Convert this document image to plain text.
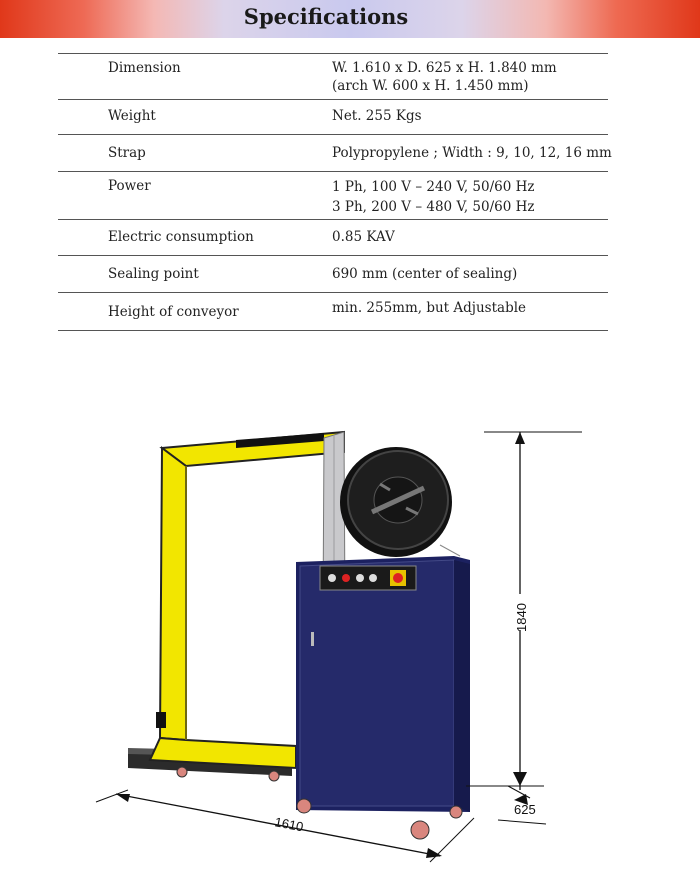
Specifications
Dimension	W. 1.610 x D. 625 x H. 1.840 mm
(arch W. 600 x H. 1.450 mm)
Weight	Net. 255 Kgs
Strap	Polypropylene ; Width : 9, 10, 12, 16 mm
Power	1 Ph, 100 V – 240 V, 50/60 Hz
3 Ph, 200 V – 480 V, 50/60 Hz
Electric consumption	0.85 KAV
Sealing point	690 mm (center of sealing)
Height of conveyor	min. 255mm, but Adjustable
1840
625
1610
